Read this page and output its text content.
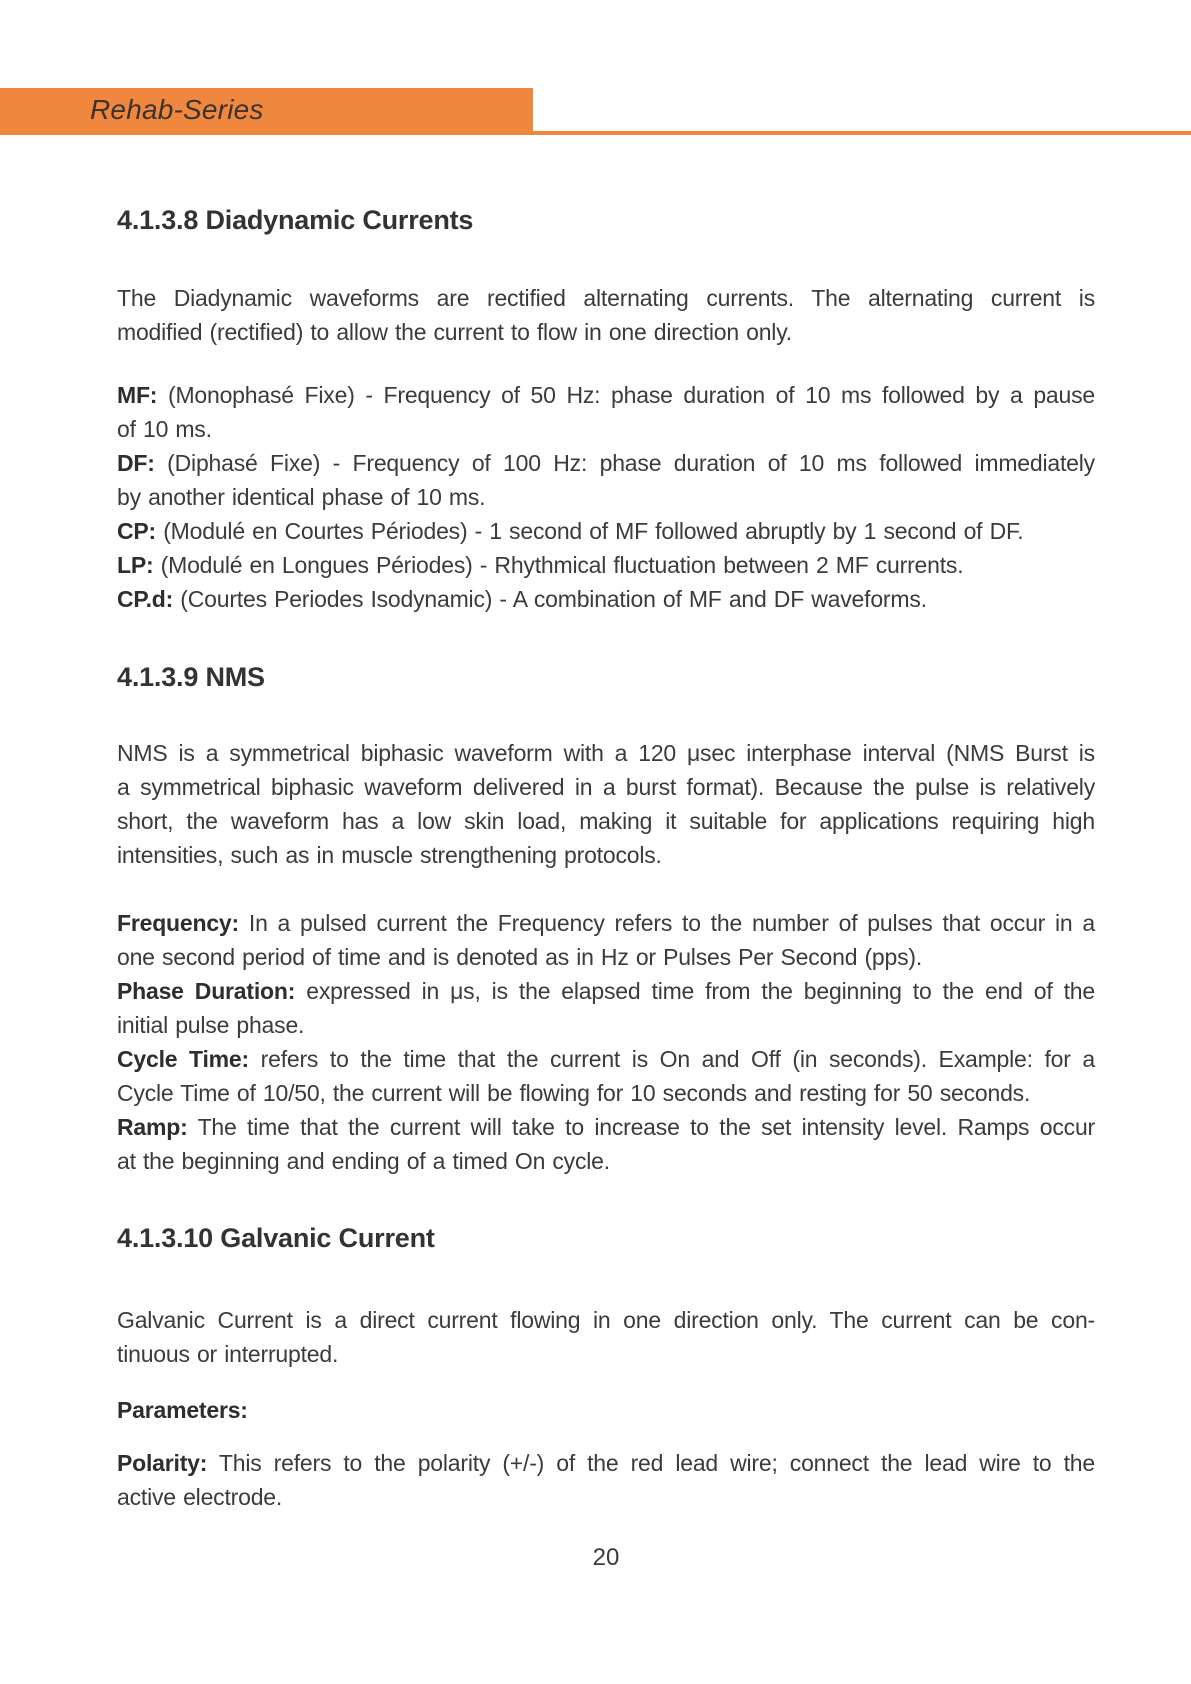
Rehab-Series
4.1.3.8 Diadynamic Currents
The Diadynamic waveforms are rectified alternating currents. The alternating current is
modified (rectified) to allow the current to flow in one direction only.
MF: (Monophasé Fixe) - Frequency of 50 Hz: phase duration of 10 ms followed by a pause
of 10 ms.
DF: (Diphasé Fixe) - Frequency of 100 Hz: phase duration of 10 ms followed immediately
by another identical phase of 10 ms.
CP: (Modulé en Courtes Périodes) - 1 second of MF followed abruptly by 1 second of DF.
LP: (Modulé en Longues Périodes) - Rhythmical fluctuation between 2 MF currents.
CP.d: (Courtes Periodes Isodynamic) - A combination of MF and DF waveforms.
4.1.3.9 NMS
NMS is a symmetrical biphasic waveform with a 120 μsec interphase interval (NMS Burst is
a symmetrical biphasic waveform delivered in a burst format). Because the pulse is relatively
short, the waveform has a low skin load, making it suitable for applications requiring high
intensities, such as in muscle strengthening protocols.
Frequency: In a pulsed current the Frequency refers to the number of pulses that occur in a
one second period of time and is denoted as in Hz or Pulses Per Second (pps).
Phase Duration: expressed in μs, is the elapsed time from the beginning to the end of the
initial pulse phase.
Cycle Time: refers to the time that the current is On and Off (in seconds). Example: for a
Cycle Time of 10/50, the current will be flowing for 10 seconds and resting for 50 seconds.
Ramp: The time that the current will take to increase to the set intensity level. Ramps occur
at the beginning and ending of a timed On cycle.
4.1.3.10 Galvanic Current
Galvanic Current is a direct current flowing in one direction only. The current can be con-
tinuous or interrupted.
Parameters:
Polarity: This refers to the polarity (+/-) of the red lead wire; connect the lead wire to the
active electrode.
20
